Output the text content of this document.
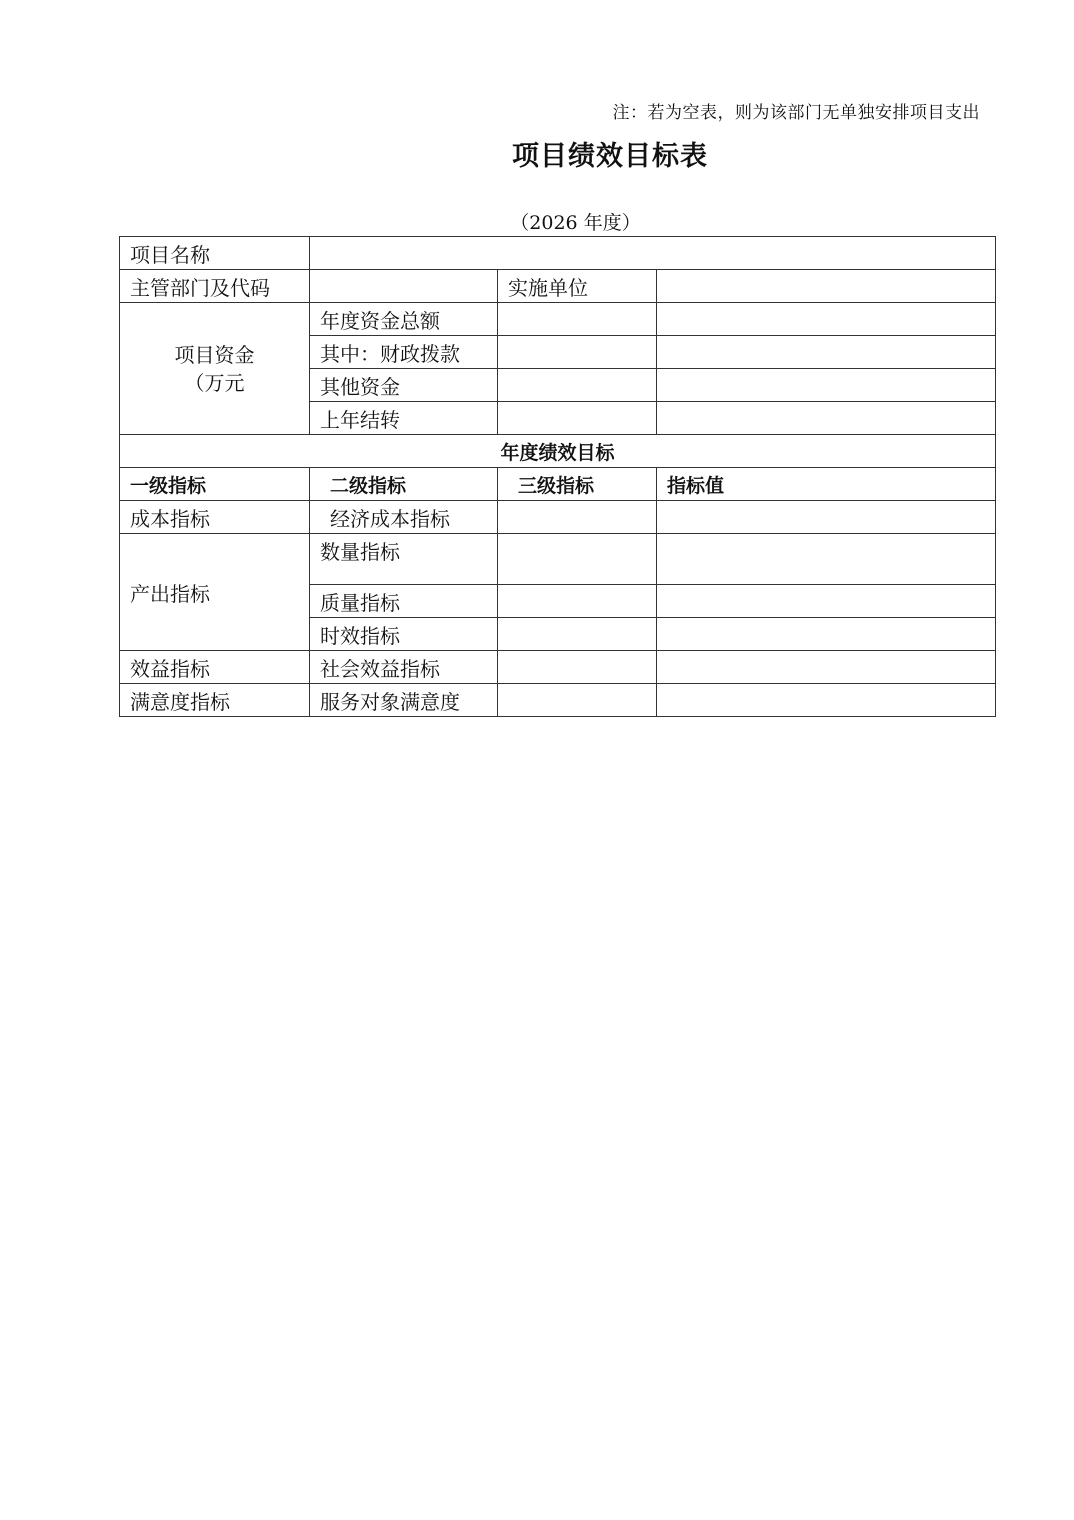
注：若为空表，则为该部门无单独安排项目支出
项目绩效目标表
（2026 年度）
项目名称			
主管部门及代码		实施单位	

项目资金
（万元	年度资金总额		
	其中：财政拨款		
	其他资金		
	上年结转		
年度绩效目标			
一级指标	二级指标	三级指标	指标值
成本指标	经济成本指标		
产出指标	数量指标		
	质量指标		
	时效指标		
效益指标	社会效益指标		
满意度指标	服务对象满意度		
